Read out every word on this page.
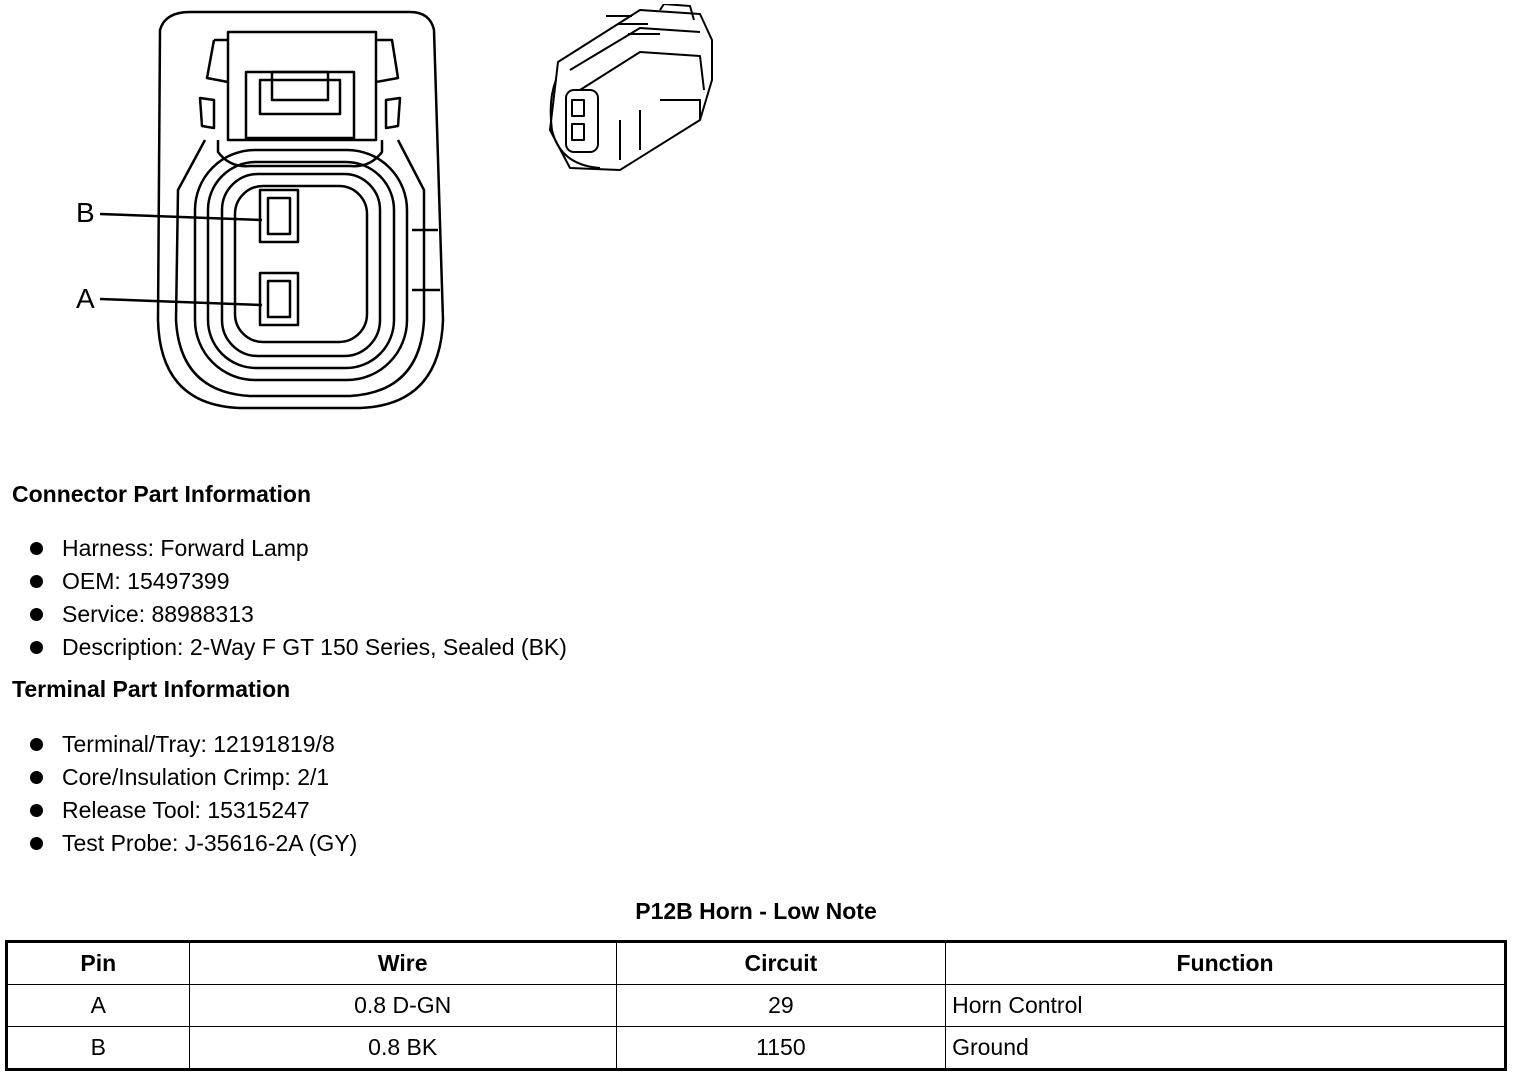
B
A
Connector Part Information
Harness: Forward Lamp
OEM: 15497399
Service: 88988313
Description: 2-Way F GT 150 Series, Sealed (BK)
Terminal Part Information
Terminal/Tray: 12191819/8
Core/Insulation Crimp: 2/1
Release Tool: 15315247
Test Probe: J-35616-2A (GY)
P12B Horn - Low Note
Pin	Wire	Circuit	Function
A	0.8 D-GN	29	Horn Control
B	0.8 BK	1150	Ground
